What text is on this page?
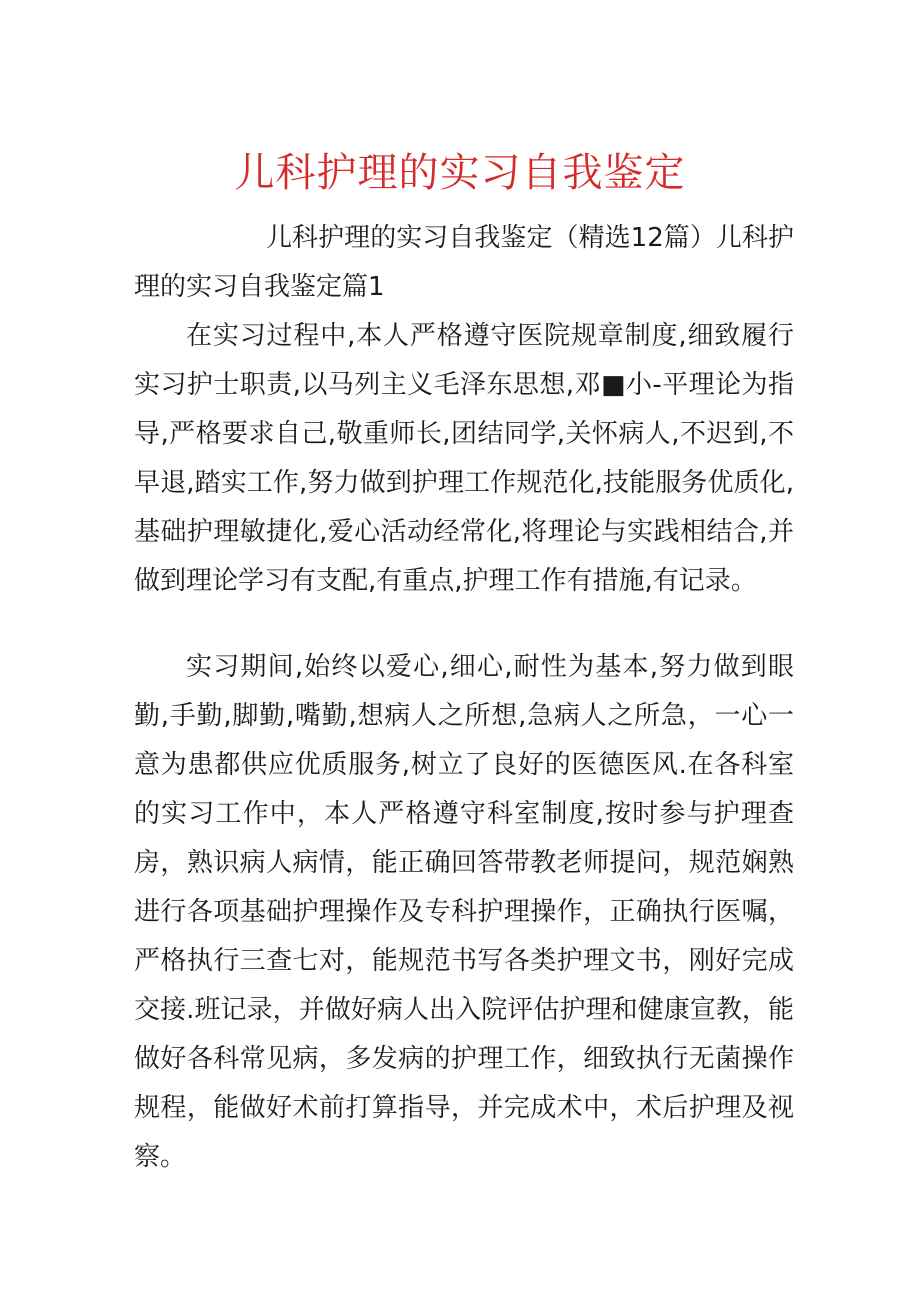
儿科护理的实习自我鉴定

儿科护理的实习自我鉴定（精选12篇）儿科护理的实习自我鉴定篇1

在实习过程中,本人严格遵守医院规章制度,细致履行实习护士职责,以马列主义毛泽东思想,邓■小-平理论为指导,严格要求自己,敬重师长,团结同学,关怀病人,不迟到,不早退,踏实工作,努力做到护理工作规范化,技能服务优质化,基础护理敏捷化,爱心活动经常化,将理论与实践相结合,并做到理论学习有支配,有重点,护理工作有措施,有记录。

实习期间,始终以爱心,细心,耐性为基本,努力做到眼勤,手勤,脚勤,嘴勤,想病人之所想,急病人之所急，一心一意为患都供应优质服务,树立了良好的医德医风.在各科室的实习工作中，本人严格遵守科室制度,按时参与护理查房，熟识病人病情，能正确回答带教老师提问，规范娴熟进行各项基础护理操作及专科护理操作，正确执行医嘱，严格执行三查七对，能规范书写各类护理文书，刚好完成交接.班记录，并做好病人出入院评估护理和健康宣教，能做好各科常见病，多发病的护理工作，细致执行无菌操作规程，能做好术前打算指导，并完成术中，术后护理及视察。
